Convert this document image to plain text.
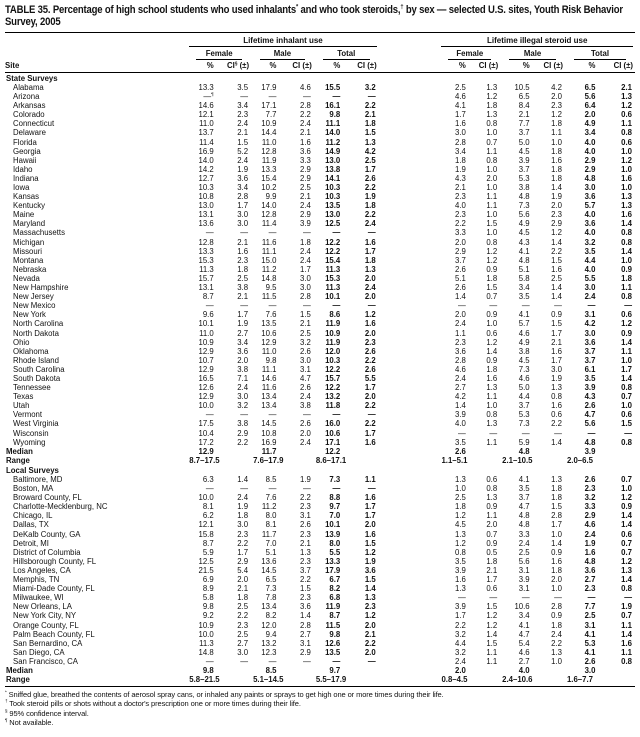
TABLE 35. Percentage of high school students who used inhalants* and who took steroids,† by sex — selected U.S. sites, Youth Risk Behavior Survey, 2005

	Lifetime inhalant use							Lifetime illegal steroid use					

	Female		Male		Total			Female		Male		Total	

Site	%	CI§ (±)	%	CI (±)	%	CI (±)		%	CI (±)	%	CI (±)	%	CI (±)
State Surveys													
Alabama	13.3	3.5	17.9	4.6	15.5	3.2		2.5	1.3	10.5	4.2	6.5	2.1
Arizona	—¶	—	—	—	—	—		4.6	1.2	6.5	2.0	5.6	1.3
Arkansas	14.6	3.4	17.1	2.8	16.1	2.2		4.1	1.8	8.4	2.3	6.4	1.2
Colorado	12.1	2.3	7.7	2.2	9.8	2.1		1.7	1.3	2.1	1.2	2.0	0.6
Connecticut	11.0	2.4	10.9	2.4	11.1	1.8		1.6	0.8	7.7	1.8	4.9	1.1
Delaware	13.7	2.1	14.4	2.1	14.0	1.5		3.0	1.0	3.7	1.1	3.4	0.8
Florida	11.4	1.5	11.0	1.6	11.2	1.3		2.8	0.7	5.0	1.0	4.0	0.6
Georgia	16.9	5.2	12.8	3.6	14.9	4.2		3.4	1.1	4.5	1.8	4.0	1.0
Hawaii	14.0	2.4	11.9	3.3	13.0	2.5		1.8	0.8	3.9	1.6	2.9	1.2
Idaho	14.2	1.9	13.3	2.9	13.8	1.7		1.9	1.0	3.7	1.8	2.9	1.0
Indiana	12.7	3.6	15.4	2.9	14.1	2.6		4.3	2.0	5.3	1.8	4.8	1.6
Iowa	10.3	3.4	10.2	2.5	10.3	2.2		2.1	1.0	3.8	1.4	3.0	1.0
Kansas	10.8	2.8	9.9	2.1	10.3	1.9		2.3	1.1	4.8	1.9	3.6	1.3
Kentucky	13.0	1.7	14.0	2.4	13.5	1.8		4.0	1.1	7.3	2.0	5.7	1.3
Maine	13.1	3.0	12.8	2.9	13.0	2.2		2.3	1.0	5.6	2.3	4.0	1.6
Maryland	13.6	3.0	11.4	3.9	12.5	2.4		2.2	1.5	4.9	2.9	3.6	1.4
Massachusetts	—	—	—	—	—	—		3.3	1.0	4.5	1.2	4.0	0.8
Michigan	12.8	2.1	11.6	1.8	12.2	1.6		2.0	0.8	4.3	1.4	3.2	0.8
Missouri	13.3	1.6	11.1	2.4	12.2	1.7		2.9	1.2	4.1	2.2	3.5	1.4
Montana	15.3	2.3	15.0	2.4	15.4	1.8		3.7	1.2	4.8	1.5	4.4	1.0
Nebraska	11.3	1.8	11.2	1.7	11.3	1.3		2.6	0.9	5.1	1.6	4.0	0.9
Nevada	15.7	2.5	14.8	3.0	15.3	2.0		5.1	1.8	5.8	2.5	5.5	1.8
New Hampshire	13.1	3.8	9.5	3.0	11.3	2.4		2.6	1.5	3.4	1.4	3.0	1.1
New Jersey	8.7	2.1	11.5	2.8	10.1	2.0		1.4	0.7	3.5	1.4	2.4	0.8
New Mexico	—	—	—	—	—	—		—	—	—	—	—	—
New York	9.6	1.7	7.6	1.5	8.6	1.2		2.0	0.9	4.1	0.9	3.1	0.6
North Carolina	10.1	1.9	13.5	2.1	11.9	1.6		2.4	1.0	5.7	1.5	4.2	1.2
North Dakota	11.0	2.7	10.6	2.5	10.9	2.0		1.1	0.6	4.6	1.7	3.0	0.9
Ohio	10.9	3.4	12.9	3.2	11.9	2.3		2.3	1.2	4.9	2.1	3.6	1.4
Oklahoma	12.9	3.6	11.0	2.6	12.0	2.6		3.6	1.4	3.8	1.6	3.7	1.1
Rhode Island	10.7	2.0	9.8	3.0	10.3	2.2		2.8	0.9	4.5	1.7	3.7	1.0
South Carolina	12.9	3.8	11.1	3.1	12.2	2.6		4.6	1.8	7.3	3.0	6.1	1.7
South Dakota	16.5	7.1	14.6	4.7	15.7	5.5		2.4	1.6	4.6	1.9	3.5	1.4
Tennessee	12.6	2.4	11.6	2.6	12.2	1.7		2.7	1.3	5.0	1.3	3.9	0.8
Texas	12.9	3.0	13.4	2.4	13.2	2.0		4.2	1.1	4.4	0.8	4.3	0.7
Utah	10.0	3.2	13.4	3.8	11.8	2.2		1.4	1.0	3.7	1.6	2.6	1.0
Vermont	—	—	—	—	—	—		3.9	0.8	5.3	0.6	4.7	0.6
West Virginia	17.5	3.8	14.5	2.6	16.0	2.2		4.0	1.3	7.3	2.2	5.6	1.5
Wisconsin	10.4	2.9	10.8	2.0	10.6	1.7		—	—	—	—	—	—
Wyoming	17.2	2.2	16.9	2.4	17.1	1.6		3.5	1.1	5.9	1.4	4.8	0.8
Median	12.9		11.7		12.2			2.6		4.8		3.9	
Range	8.7–17.5		7.6–17.9		8.6–17.1			1.1–5.1		2.1–10.5		2.0–6.5	
Local Surveys													
Baltimore, MD	6.3	1.4	8.5	1.9	7.3	1.1		1.3	0.6	4.1	1.3	2.6	0.7
Boston, MA	—	—	—	—	—	—		1.0	0.8	3.5	1.8	2.3	1.0
Broward County, FL	10.0	2.4	7.6	2.2	8.8	1.6		2.5	1.3	3.7	1.8	3.2	1.2
Charlotte-Mecklenburg, NC	8.1	1.9	11.2	2.3	9.7	1.7		1.8	0.9	4.7	1.5	3.3	0.9
Chicago, IL	6.2	1.8	8.0	3.1	7.0	1.7		1.2	1.1	4.8	2.8	2.9	1.4
Dallas, TX	12.1	3.0	8.1	2.6	10.1	2.0		4.5	2.0	4.8	1.7	4.6	1.4
DeKalb County, GA	15.8	2.3	11.7	2.3	13.9	1.6		1.3	0.7	3.3	1.0	2.4	0.6
Detroit, MI	8.7	2.2	7.0	2.1	8.0	1.5		1.2	0.9	2.4	1.4	1.9	0.7
District of Columbia	5.9	1.7	5.1	1.3	5.5	1.2		0.8	0.5	2.5	0.9	1.6	0.7
Hillsborough County, FL	12.5	2.9	13.6	2.3	13.3	1.9		3.5	1.8	5.6	1.6	4.8	1.2
Los Angeles, CA	21.5	5.4	14.5	3.7	17.9	3.6		3.9	2.1	3.1	1.8	3.6	1.3
Memphis, TN	6.9	2.0	6.5	2.2	6.7	1.5		1.6	1.7	3.9	2.0	2.7	1.4
Miami-Dade County, FL	8.9	2.1	7.3	1.5	8.2	1.4		1.3	0.6	3.1	1.0	2.3	0.8
Milwaukee, WI	5.8	1.8	7.8	2.3	6.8	1.3		—	—	—	—	—	—
New Orleans, LA	9.8	2.5	13.4	3.6	11.9	2.3		3.9	1.5	10.6	2.8	7.7	1.9
New York City, NY	9.2	2.2	8.2	1.4	8.7	1.2		1.7	1.2	3.4	0.9	2.5	0.7
Orange County, FL	10.9	2.3	12.0	2.8	11.5	2.0		2.2	1.2	4.1	1.8	3.1	1.1
Palm Beach County, FL	10.0	2.5	9.4	2.7	9.8	2.1		3.2	1.4	4.7	2.4	4.1	1.4
San Bernardino, CA	11.3	2.7	13.2	3.1	12.6	2.2		4.4	1.5	5.4	2.2	5.3	1.6
San Diego, CA	14.8	3.0	12.3	2.9	13.5	2.0		3.2	1.1	4.6	1.3	4.1	1.1
San Francisco, CA	—	—	—	—	—	—		2.4	1.1	2.7	1.0	2.6	0.8
Median	9.8		8.5		9.7			2.0		4.0		3.0	
Range	5.8–21.5		5.1–14.5		5.5–17.9			0.8–4.5		2.4–10.6		1.6–7.7	
* Sniffed glue, breathed the contents of aerosol spray cans, or inhaled any paints or sprays to get high one or more times during their life.
† Took steroid pills or shots without a doctor's prescription one or more times during their life.
§ 95% confidence interval.
¶ Not available.
